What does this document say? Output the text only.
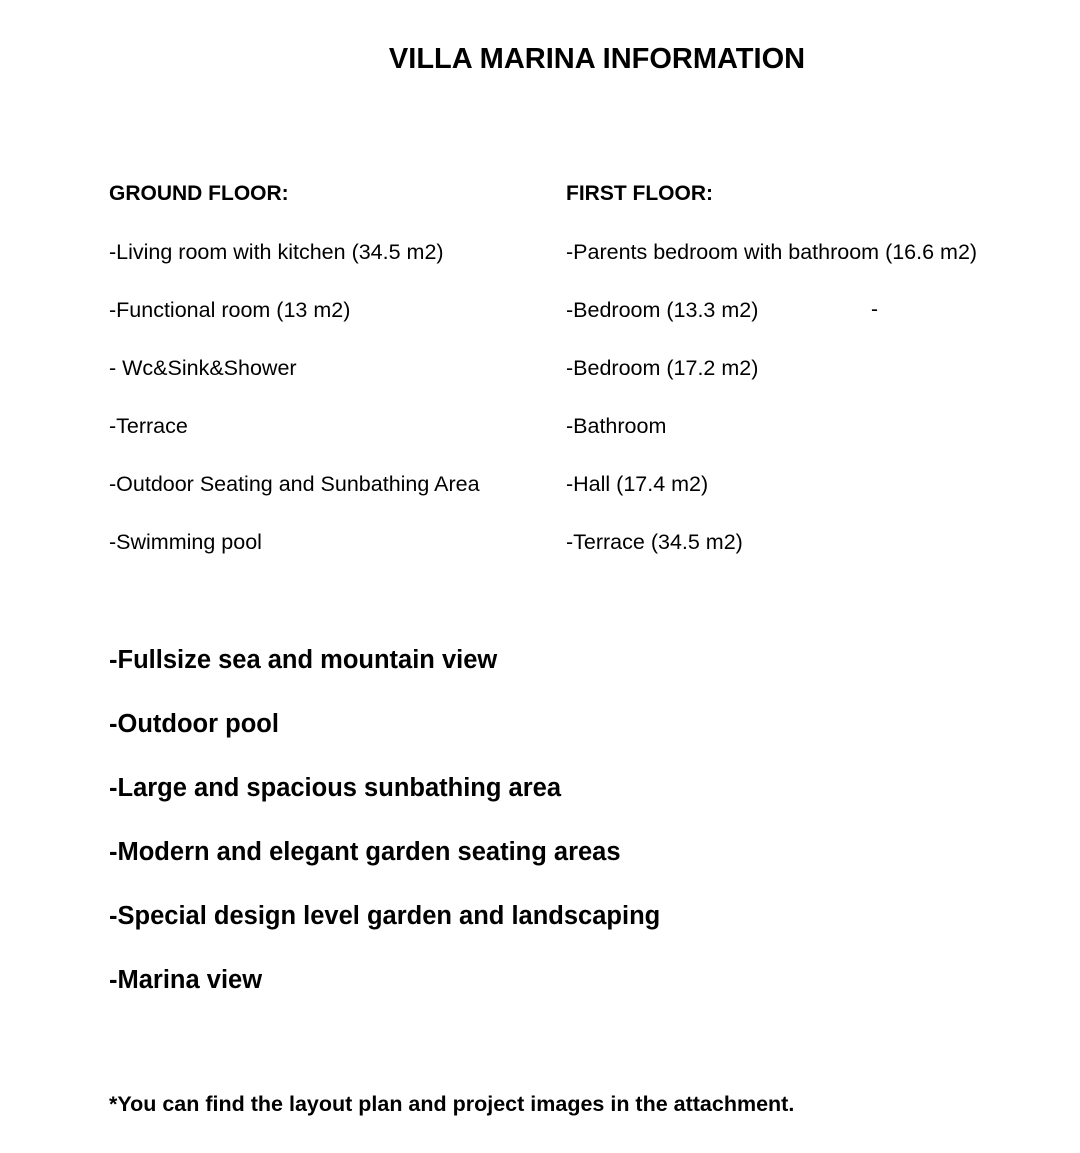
VILLA MARINA INFORMATION
GROUND FLOOR:
-Living room with kitchen (34.5 m2)
-Functional room (13 m2)
- Wc&Sink&Shower
-Terrace
-Outdoor Seating and Sunbathing Area
-Swimming pool
FIRST FLOOR:
-Parents bedroom with bathroom (16.6 m2)
-Bedroom (13.3 m2)
-Bedroom (17.2 m2)
-Bathroom
-Hall (17.4 m2)
-Terrace (34.5 m2)
-
-Fullsize sea and mountain view
-Outdoor pool
-Large and spacious sunbathing area
-Modern and elegant garden seating areas
-Special design level garden and landscaping
-Marina view
*You can find the layout plan and project images in the attachment.
